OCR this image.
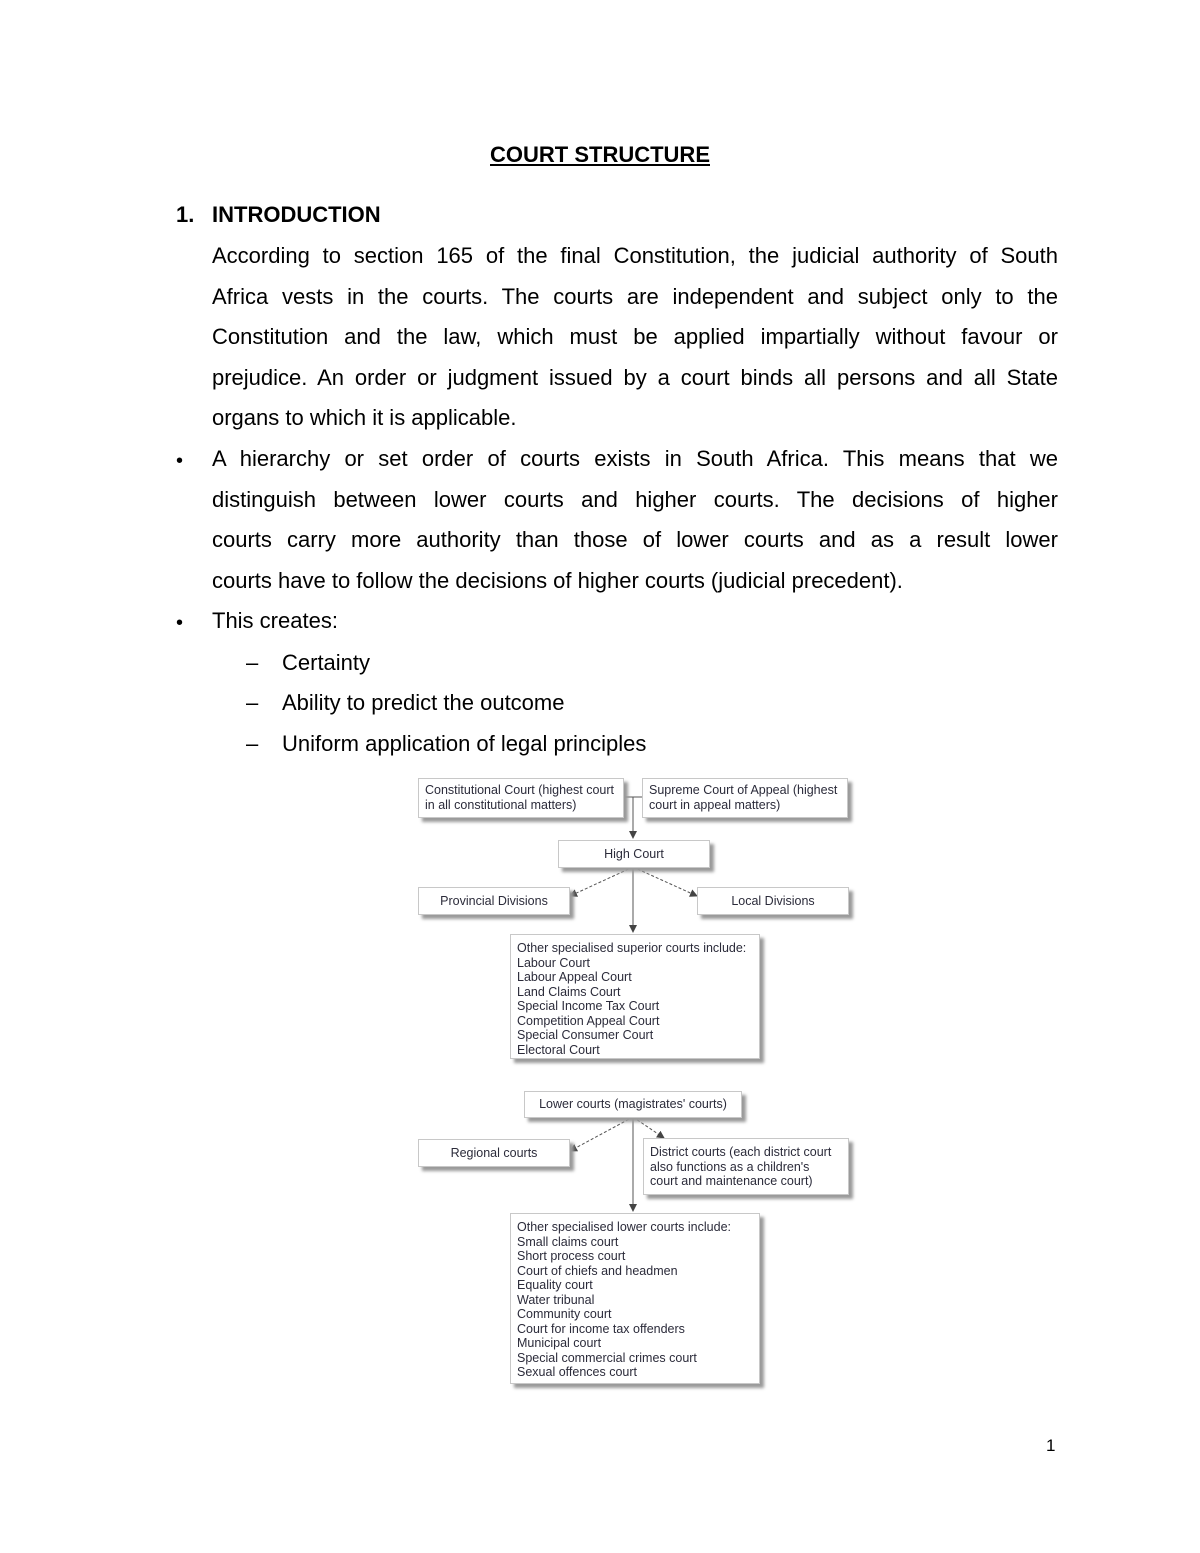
COURT STRUCTURE
1. INTRODUCTION
According to section 165 of the final Constitution, the judicial authority of South
Africa vests in the courts. The courts are independent and subject only to the
Constitution and the law, which must be applied impartially without favour or
prejudice. An order or judgment issued by a court binds all persons and all State
organs to which it is applicable.
• A hierarchy or set order of courts exists in South Africa. This means that we
distinguish between lower courts and higher courts. The decisions of higher
courts carry more authority than those of lower courts and as a result lower
courts have to follow the decisions of higher courts (judicial precedent).
• This creates:
– Certainty
– Ability to predict the outcome
– Uniform application of legal principles
Constitutional Court (highest court
in all constitutional matters)
Supreme Court of Appeal (highest
court in appeal matters)
High Court
Provincial Divisions	Local Divisions
Other specialised superior courts include:
Labour Court
Labour Appeal Court
Land Claims Court
Special Income Tax Court
Competition Appeal Court
Special Consumer Court
Electoral Court
Lower courts (magistrates' courts)
Regional courts	District courts (each district court
also functions as a children's
court and maintenance court)
Other specialised lower courts include:
Small claims court
Short process court
Court of chiefs and headmen
Equality court
Water tribunal
Community court
Court for income tax offenders
Municipal court
Special commercial crimes court
Sexual offences court
1
